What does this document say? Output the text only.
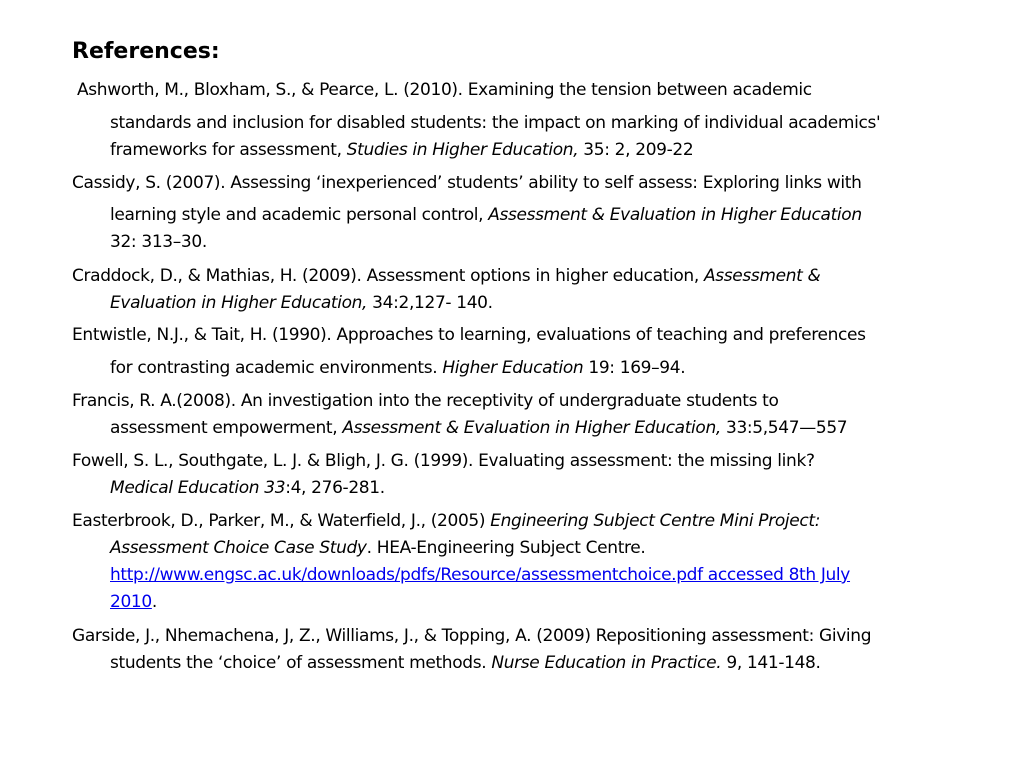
References:
Ashworth, M., Bloxham, S., & Pearce, L. (2010). Examining the tension between academic
standards and inclusion for disabled students: the impact on marking of individual academics'
frameworks for assessment, Studies in Higher Education, 35: 2, 209-22
Cassidy, S. (2007). Assessing ‘inexperienced’ students’ ability to self assess: Exploring links with
learning style and academic personal control, Assessment & Evaluation in Higher Education
32: 313–30.
Craddock, D., & Mathias, H. (2009). Assessment options in higher education, Assessment &
Evaluation in Higher Education, 34:2,127- 140.
Entwistle, N.J., & Tait, H. (1990). Approaches to learning, evaluations of teaching and preferences
for contrasting academic environments. Higher Education 19: 169–94.
Francis, R. A.(2008). An investigation into the receptivity of undergraduate students to
assessment empowerment, Assessment & Evaluation in Higher Education, 33:5,547—557
Fowell, S. L., Southgate, L. J. & Bligh, J. G. (1999). Evaluating assessment: the missing link?
Medical Education 33:4, 276-281.
Easterbrook, D., Parker, M., & Waterfield, J., (2005) Engineering Subject Centre Mini Project:
Assessment Choice Case Study. HEA-Engineering Subject Centre.
http://www.engsc.ac.uk/downloads/pdfs/Resource/assessmentchoice.pdf accessed 8th July
2010.
Garside, J., Nhemachena, J, Z., Williams, J., & Topping, A. (2009) Repositioning assessment: Giving
students the ‘choice’ of assessment methods. Nurse Education in Practice. 9, 141-148.
